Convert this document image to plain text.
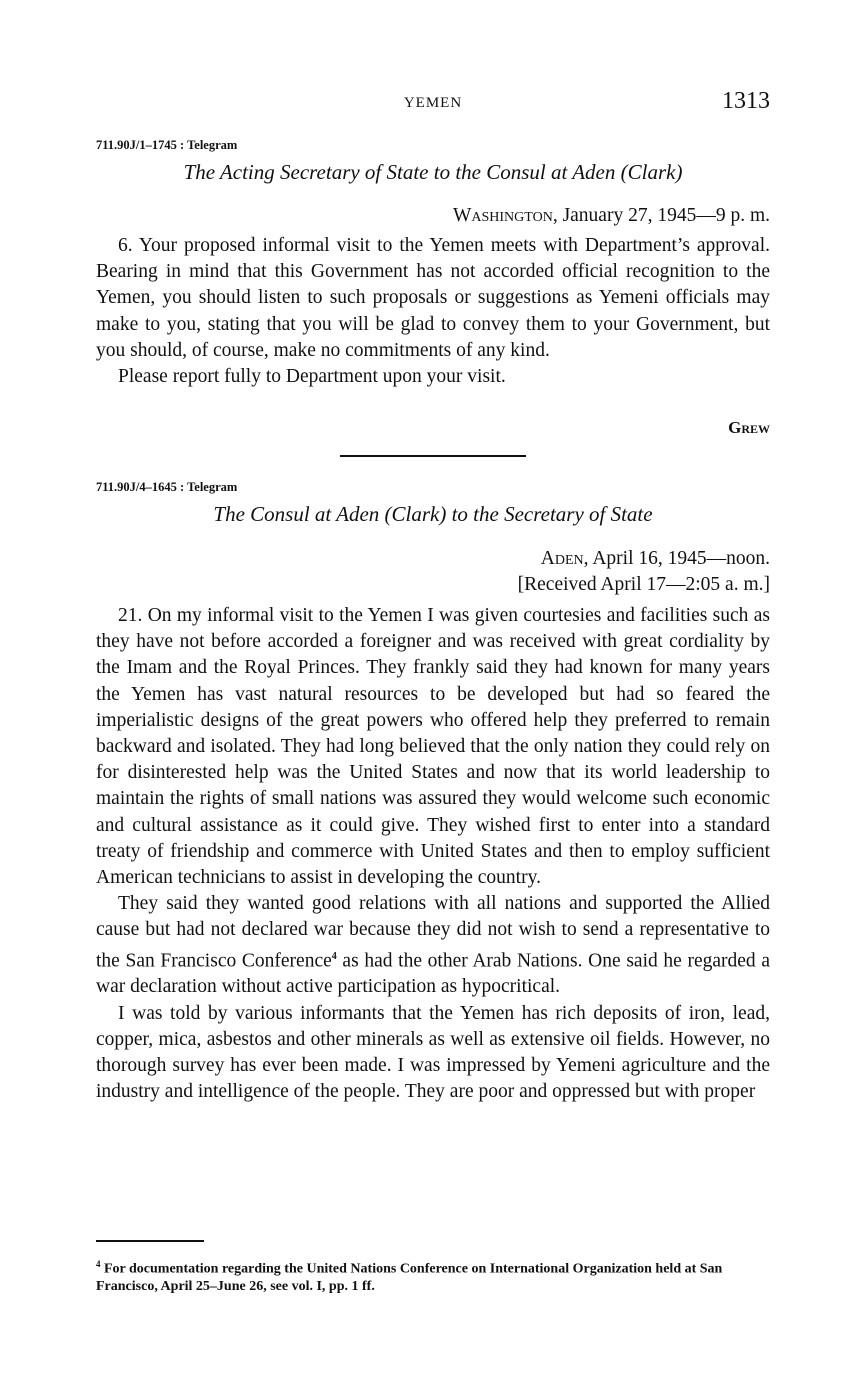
YEMEN	1313
711.90J/1–1745 : Telegram
The Acting Secretary of State to the Consul at Aden (Clark)
Washington, January 27, 1945—9 p. m.

6. Your proposed informal visit to the Yemen meets with Department’s approval. Bearing in mind that this Government has not accorded official recognition to the Yemen, you should listen to such proposals or suggestions as Yemeni officials may make to you, stating that you will be glad to convey them to your Government, but you should, of course, make no commitments of any kind.

Please report fully to Department upon your visit.

Grew
711.90J/4–1645 : Telegram
The Consul at Aden (Clark) to the Secretary of State
Aden, April 16, 1945—noon.
[Received April 17—2:05 a. m.]

21. On my informal visit to the Yemen I was given courtesies and facilities such as they have not before accorded a foreigner and was received with great cordiality by the Imam and the Royal Princes. They frankly said they had known for many years the Yemen has vast natural resources to be developed but had so feared the imperialistic designs of the great powers who offered help they preferred to remain backward and isolated. They had long believed that the only nation they could rely on for disinterested help was the United States and now that its world leadership to maintain the rights of small nations was assured they would welcome such economic and cultural assistance as it could give. They wished first to enter into a standard treaty of friendship and commerce with United States and then to employ sufficient American technicians to assist in developing the country.

They said they wanted good relations with all nations and supported the Allied cause but had not declared war because they did not wish to send a representative to the San Francisco Conference$^4$ as had the other Arab Nations. One said he regarded a war declaration without active participation as hypocritical.

I was told by various informants that the Yemen has rich deposits of iron, lead, copper, mica, asbestos and other minerals as well as extensive oil fields. However, no thorough survey has ever been made. I was impressed by Yemeni agriculture and the industry and intelligence of the people. They are poor and oppressed but with proper

$^4$ For documentation regarding the United Nations Conference on International Organization held at San Francisco, April 25–June 26, see vol. I, pp. 1 ff.
